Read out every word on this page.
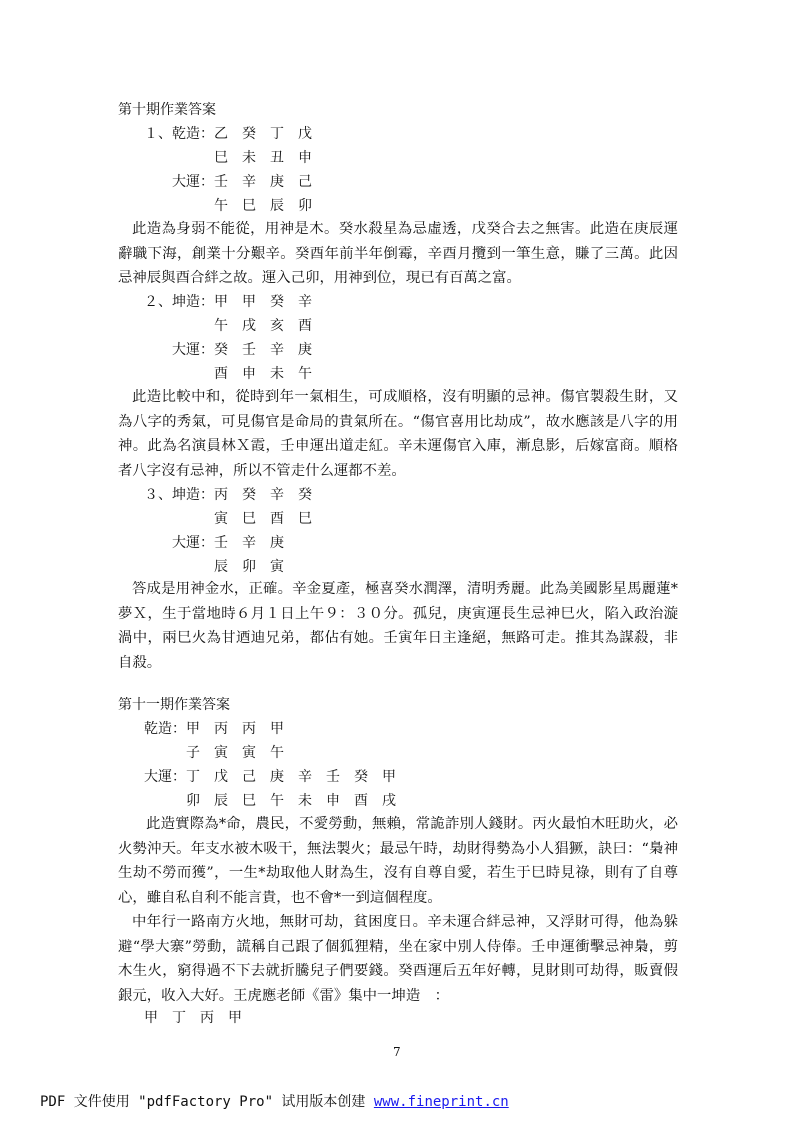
第十期作業答案
１、乾造：乙　癸　丁　戊
巳　未　丑　申
大運：壬　辛　庚　己
午　巳　辰　卯
此造為身弱不能從，用神是木。癸水殺星為忌虛透，戊癸合去之無害。此造在庚辰運辭職下海，創業十分艱辛。癸酉年前半年倒霉，辛酉月攬到一筆生意，賺了三萬。此因忌神辰與酉合絆之故。運入己卯，用神到位，現已有百萬之富。
２、坤造：甲　甲　癸　辛
午　戌　亥　酉
大運：癸　壬　辛　庚
酉　申　未　午
此造比較中和，從時到年一氣相生，可成順格，沒有明顯的忌神。傷官製殺生財，又為八字的秀氣，可見傷官是命局的貴氣所在。“傷官喜用比劫成”，故水應該是八字的用神。此為名演員林Ｘ霞，壬申運出道走紅。辛未運傷官入庫，漸息影，后嫁富商。順格者八字沒有忌神，所以不管走什么運都不差。
３、坤造：丙　癸　辛　癸
寅　巳　酉　巳
大運：壬　辛　庚
辰　卯　寅
答成是用神金水，正確。辛金夏產，極喜癸水潤澤，清明秀麗。此為美國影星馬麗蓮*夢Ｘ，生于當地時６月１日上午９：３０分。孤兒，庚寅運長生忌神巳火，陷入政治漩渦中，兩巳火為甘迺迪兄弟，都佔有她。壬寅年日主逢絕，無路可走。推其為謀殺，非自殺。
第十一期作業答案
乾造：甲　丙　丙　甲
子　寅　寅　午
大運：丁　戊　己　庚　辛　壬　癸　甲
卯　辰　巳　午　未　申　酉　戌
此造實際為*命，農民，不愛勞動，無賴，常詭詐別人錢財。丙火最怕木旺助火，必火勢沖天。年支水被木吸干，無法製火；最忌午時，劫財得勢為小人猖獗，訣曰：“梟神生劫不勞而獲”，一生*劫取他人財為生，沒有自尊自愛，若生于巳時見祿，則有了自尊心，雖自私自利不能言貴，也不會*一到這個程度。
中年行一路南方火地，無財可劫，貧困度日。辛未運合絆忌神，又浮財可得，他為躲避“學大寨”勞動，謊稱自己跟了個狐狸精，坐在家中別人侍俸。壬申運衝擊忌神梟，剪木生火，窮得過不下去就折騰兒子們要錢。癸酉運后五年好轉，見財則可劫得，販賣假銀元，收入大好。王虎應老師《雷》集中一坤造　：
甲　丁　丙　甲
7
PDF 文件使用 "pdfFactory Pro" 试用版本创建 www.fineprint.cn
